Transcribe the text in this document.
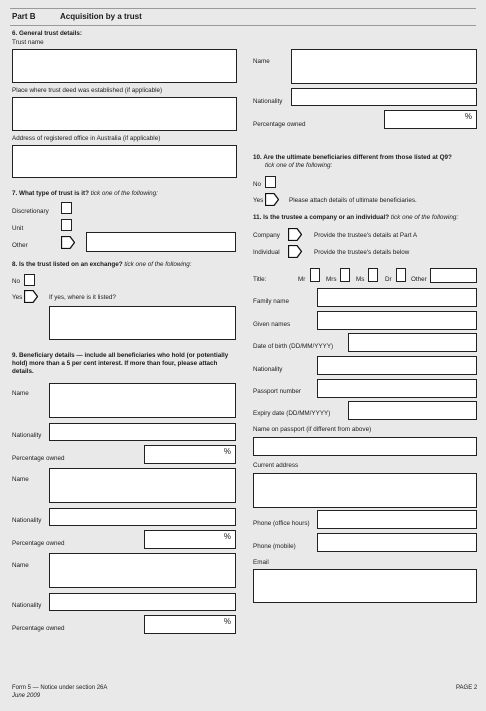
Part B	Acquisition by a trust
6. General trust details:
Trust name
Place where trust deed was established (if applicable)
Address of registered office in Australia (if applicable)
7. What type of trust is it? tick one of the following:
Discretionary
Unit
Other
8. Is the trust listed on an exchange? tick one of the following:
No
Yes	If yes, where is it listed?
9. Beneficiary details — include all beneficiaries who hold (or potentially hold) more than a 5 per cent interest. If more than four, please attach details.
Name
Nationality
Percentage owned
%
Name
Nationality
Percentage owned
%
Name
Nationality
Percentage owned
%
Name
Nationality
Percentage owned
%
10. Are the ultimate beneficiaries different from those listed at Q9?
tick one of the following:
No
Yes	Please attach details of ultimate beneficiaries.
11. Is the trustee a company or an individual? tick one of the following:
Company	Provide the trustee's details at Part A
Individual	Provide the trustee's details below
Title:	Mr	Mrs	Ms	Dr	Other
Family name
Given names
Date of birth (DD/MM/YYYY)
Nationality
Passport number
Expiry date (DD/MM/YYYY)
Name on passport (if different from above)
Current address
Phone (office hours)
Phone (mobile)
Email
Form 5 — Notice under section 26A
June 2009
PAGE 2
